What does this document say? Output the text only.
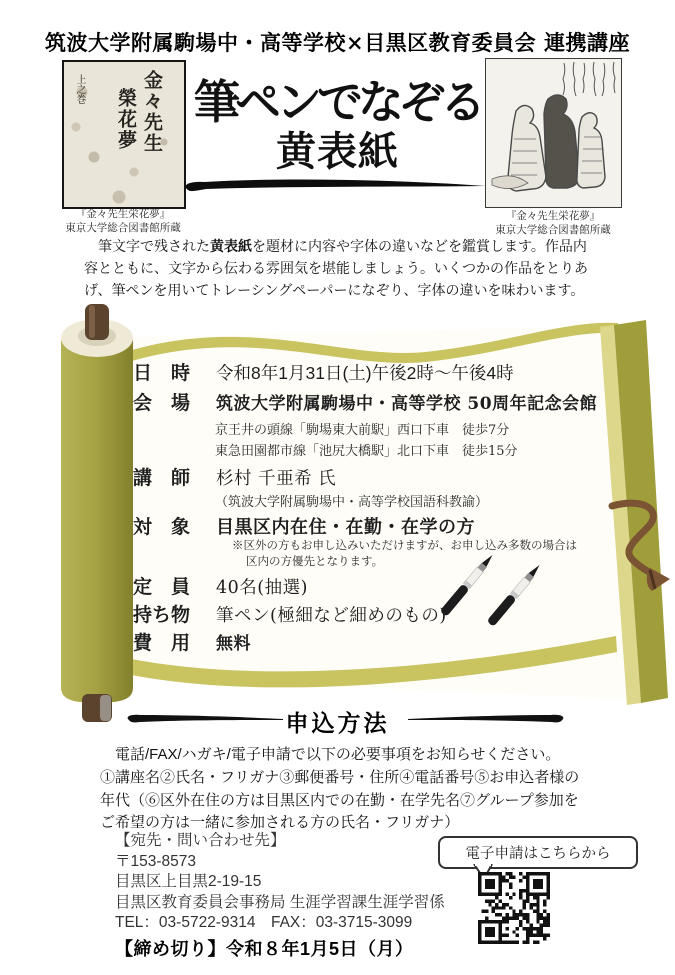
筑波大学附属駒場中・高等学校×目黒区教育委員会 連携講座
金々先生
榮花夢
上之巻
『金々先生栄花夢』
東京大学総合図書館所蔵
『金々先生栄花夢』
東京大学総合図書館所蔵
筆ペンでなぞる
黄表紙
　筆文字で残された黄表紙を題材に内容や字体の違いなどを鑑賞します。作品内容とともに、文字から伝わる雰囲気を堪能しましょう。いくつかの作品をとりあげ、筆ペンを用いてトレーシングペーパーになぞり、字体の違いを味わいます。
日　時 令和8年1月31日(土)午後2時～午後4時
会　場 筑波大学附属駒場中・高等学校 50周年記念会館
京王井の頭線「駒場東大前駅」西口下車　徒歩7分
東急田園都市線「池尻大橋駅」北口下車　徒歩15分
講　師 杉村 千亜希 氏
（筑波大学附属駒場中・高等学校国語科教諭）
対　象 目黒区内在住・在勤・在学の方
※区外の方もお申し込みいただけますが、お申し込み多数の場合は
区内の方優先となります。
定　員 40名(抽選)
持ち物 筆ペン(極細など細めのもの)
費　用 無料
申込方法
電話/FAX/ハガキ/電子申請で以下の必要事項をお知らせください。
①講座名②氏名・フリガナ③郵便番号・住所④電話番号⑤お申込者様の年代（⑥区外在住の方は目黒区内での在勤・在学先名⑦グループ参加をご希望の方は一緒に参加される方の氏名・フリガナ）
【宛先・問い合わせ先】
〒153-8573
目黒区上目黒2-19-15
目黒区教育委員会事務局 生涯学習課生涯学習係
TEL：03-5722-9314　FAX：03-3715-3099
【締め切り】令和８年1月5日（月）
電子申請はこちらから
